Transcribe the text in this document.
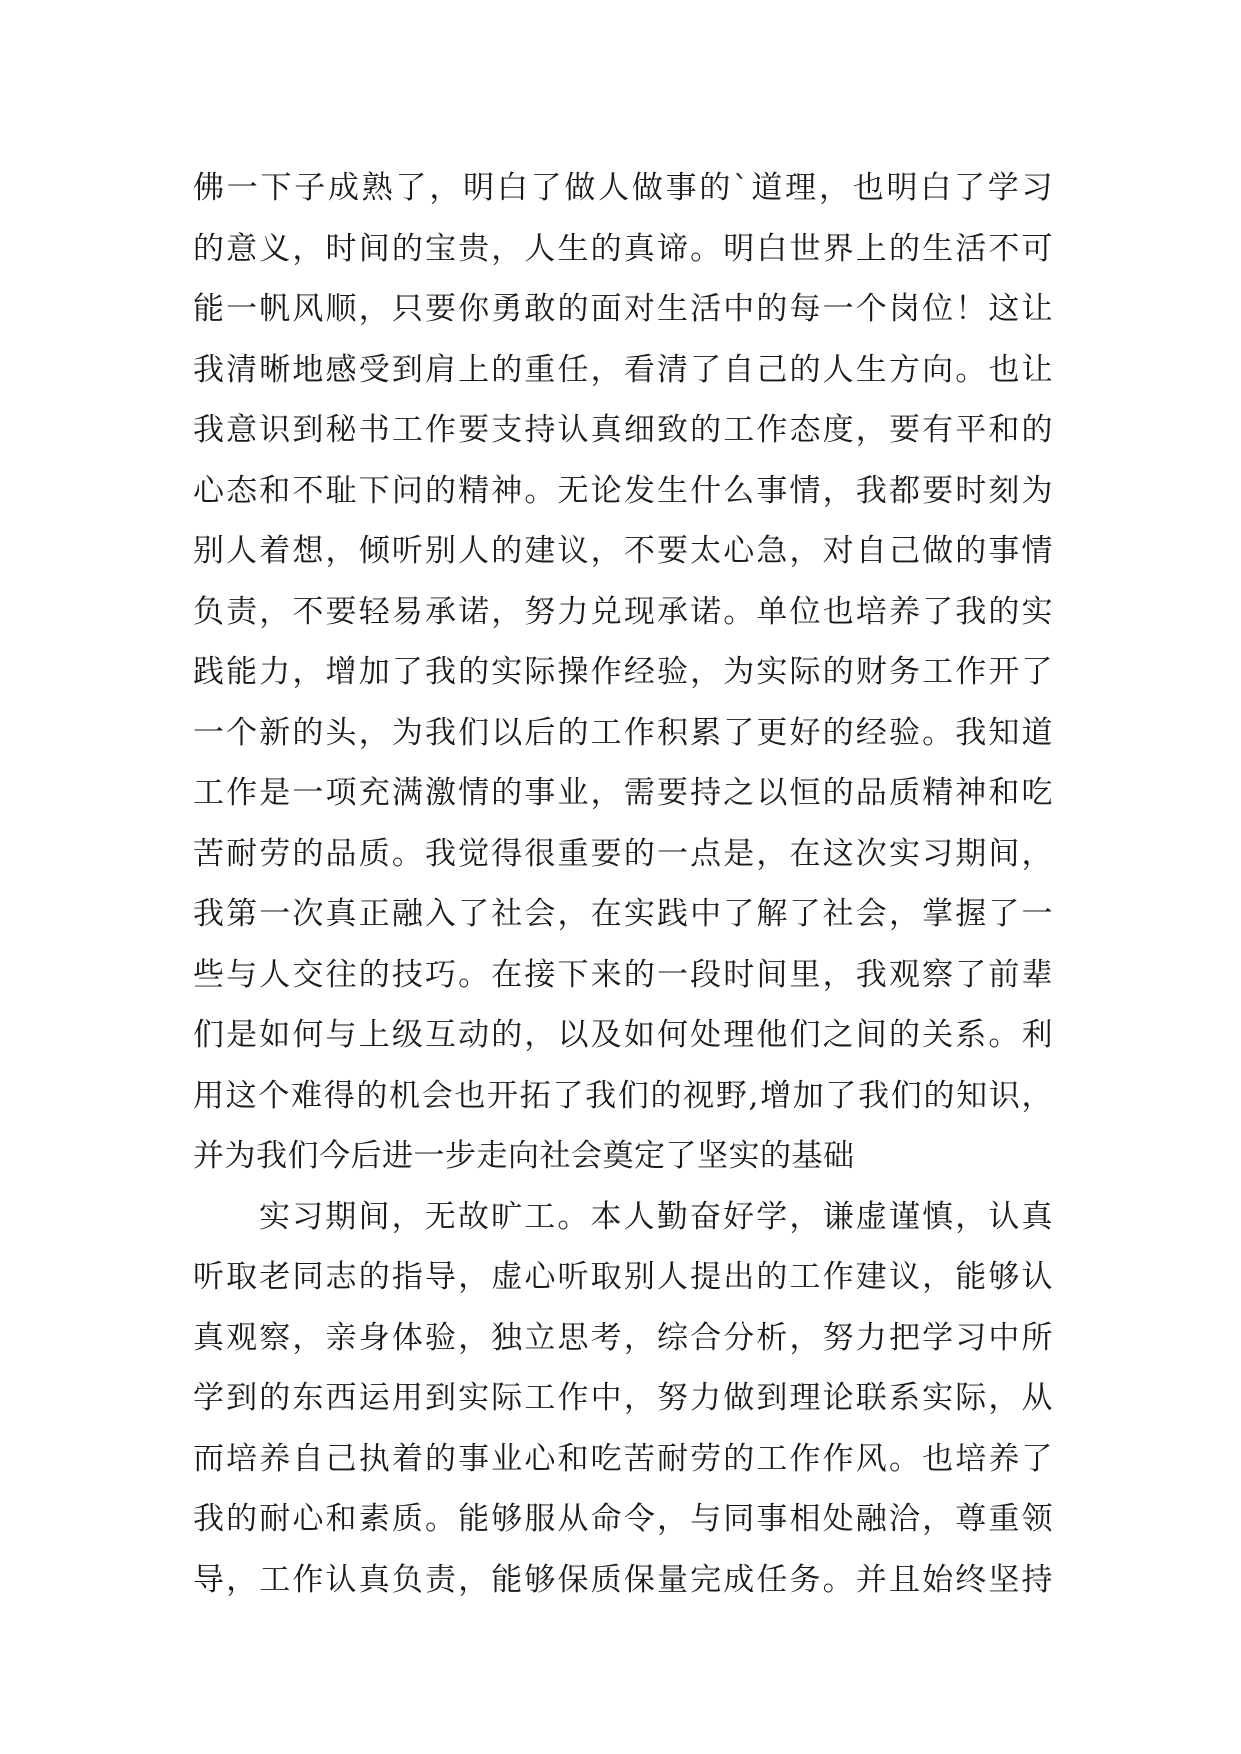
佛一下子成熟了，明白了做人做事的`道理，也明白了学习
的意义，时间的宝贵，人生的真谛。明白世界上的生活不可
能一帆风顺，只要你勇敢的面对生活中的每一个岗位！这让
我清晰地感受到肩上的重任，看清了自己的人生方向。也让
我意识到秘书工作要支持认真细致的工作态度，要有平和的
心态和不耻下问的精神。无论发生什么事情，我都要时刻为
别人着想，倾听别人的建议，不要太心急，对自己做的事情
负责，不要轻易承诺，努力兑现承诺。单位也培养了我的实
践能力，增加了我的实际操作经验，为实际的财务工作开了
一个新的头，为我们以后的工作积累了更好的经验。我知道
工作是一项充满激情的事业，需要持之以恒的品质精神和吃
苦耐劳的品质。我觉得很重要的一点是，在这次实习期间，
我第一次真正融入了社会，在实践中了解了社会，掌握了一
些与人交往的技巧。在接下来的一段时间里，我观察了前辈
们是如何与上级互动的，以及如何处理他们之间的关系。利
用这个难得的机会也开拓了我们的视野,增加了我们的知识，
并为我们今后进一步走向社会奠定了坚实的基础
实习期间，无故旷工。本人勤奋好学，谦虚谨慎，认真
听取老同志的指导，虚心听取别人提出的工作建议，能够认
真观察，亲身体验，独立思考，综合分析，努力把学习中所
学到的东西运用到实际工作中，努力做到理论联系实际，从
而培养自己执着的事业心和吃苦耐劳的工作作风。也培养了
我的耐心和素质。能够服从命令，与同事相处融洽，尊重领
导，工作认真负责，能够保质保量完成任务。并且始终坚持
